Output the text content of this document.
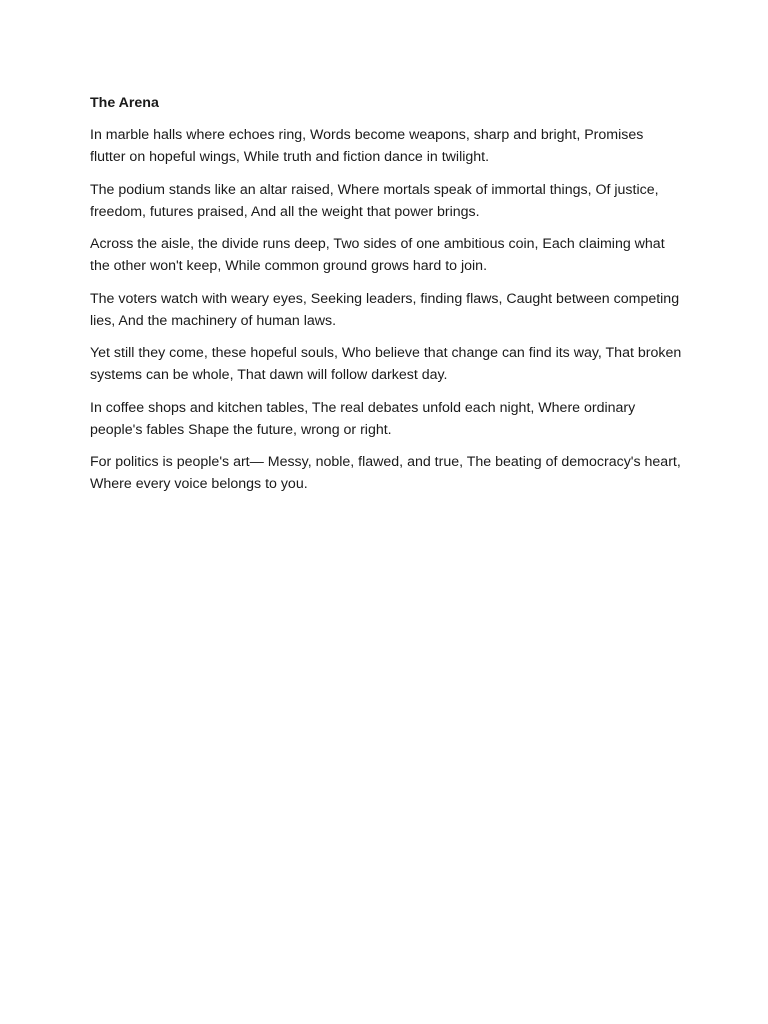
The Arena

In marble halls where echoes ring, Words become weapons, sharp and bright, Promises flutter on hopeful wings, While truth and fiction dance in twilight.

The podium stands like an altar raised, Where mortals speak of immortal things, Of justice, freedom, futures praised, And all the weight that power brings.

Across the aisle, the divide runs deep, Two sides of one ambitious coin, Each claiming what the other won't keep, While common ground grows hard to join.

The voters watch with weary eyes, Seeking leaders, finding flaws, Caught between competing lies, And the machinery of human laws.

Yet still they come, these hopeful souls, Who believe that change can find its way, That broken systems can be whole, That dawn will follow darkest day.

In coffee shops and kitchen tables, The real debates unfold each night, Where ordinary people's fables Shape the future, wrong or right.

For politics is people's art— Messy, noble, flawed, and true, The beating of democracy's heart, Where every voice belongs to you.
